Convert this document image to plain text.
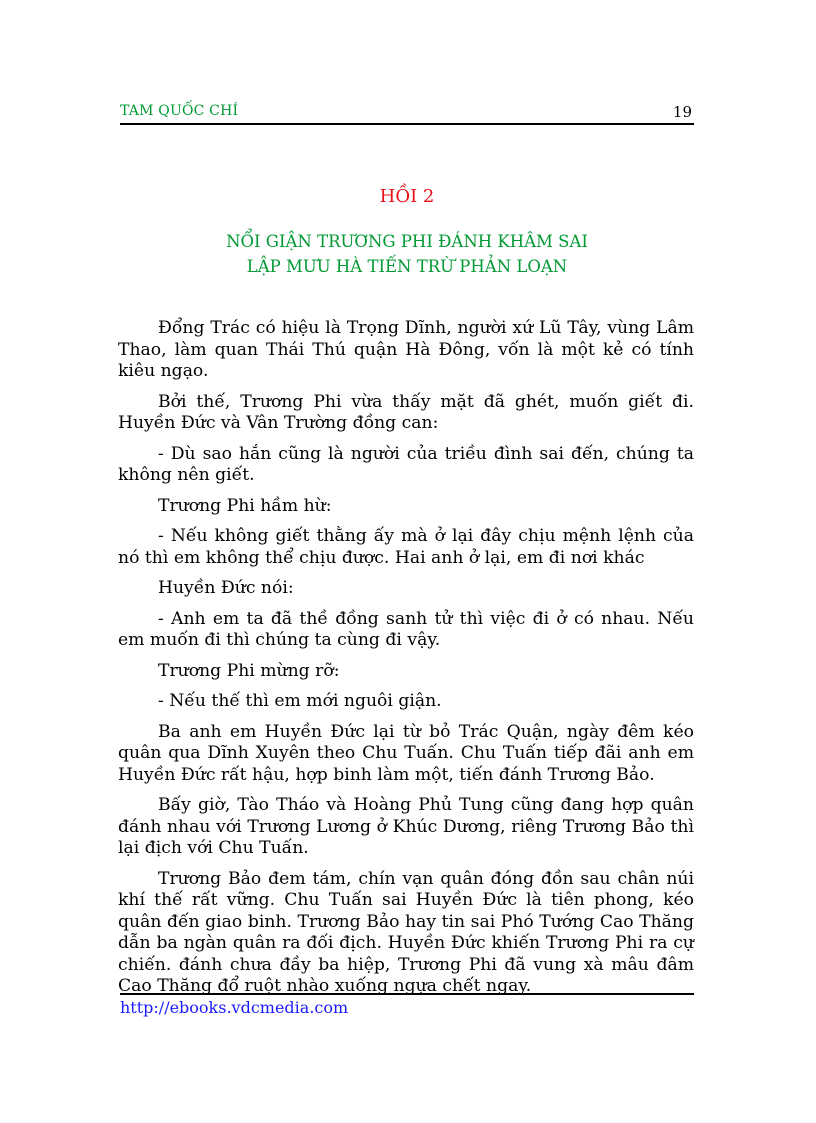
TAM QUỐC CHÍ	19
HỒI 2
NỔI GIẬN TRƯƠNG PHI ĐÁNH KHÂM SAI
LẬP MƯU HÀ TIẾN TRỪ PHẢN LOẠN

Đổng Trác có hiệu là Trọng Dĩnh, người xứ Lũ Tây, vùng Lâm Thao, làm quan Thái Thú quận Hà Đông, vốn là một kẻ có tính kiêu ngạo.

Bởi thế, Trương Phi vừa thấy mặt đã ghét, muốn giết đi. Huyền Đức và Vân Trường đồng can:

- Dù sao hắn cũng là người của triều đình sai đến, chúng ta không nên giết.

Trương Phi hầm hừ:

- Nếu không giết thằng ấy mà ở lại đây chịu mệnh lệnh của nó thì em không thể chịu được. Hai anh ở lại, em đi nơi khác

Huyền Đức nói:

- Anh em ta đã thề đồng sanh tử thì việc đi ở có nhau. Nếu em muốn đi thì chúng ta cùng đi vậy.

Trương Phi mừng rỡ:

- Nếu thế thì em mới nguôi giận.

Ba anh em Huyền Đức lại từ bỏ Trác Quận, ngày đêm kéo quân qua Dĩnh Xuyên theo Chu Tuấn. Chu Tuấn tiếp đãi anh em Huyền Đức rất hậu, hợp binh làm một, tiến đánh Trương Bảo.

Bấy giờ, Tào Tháo và Hoàng Phủ Tung cũng đang hợp quân đánh nhau với Trương Lương ở Khúc Dương, riêng Trương Bảo thì lại địch với Chu Tuấn.

Trương Bảo đem tám, chín vạn quân đóng đồn sau chân núi khí thế rất vững. Chu Tuấn sai Huyền Đức là tiên phong, kéo quân đến giao binh. Trương Bảo hay tin sai Phó Tướng Cao Thăng dẫn ba ngàn quân ra đối địch. Huyền Đức khiến Trương Phi ra cự chiến. đánh chưa đầy ba hiệp, Trương Phi đã vung xà mâu đâm Cao Thăng đổ ruột nhào xuống ngựa chết ngay.

http://ebooks.vdcmedia.com
